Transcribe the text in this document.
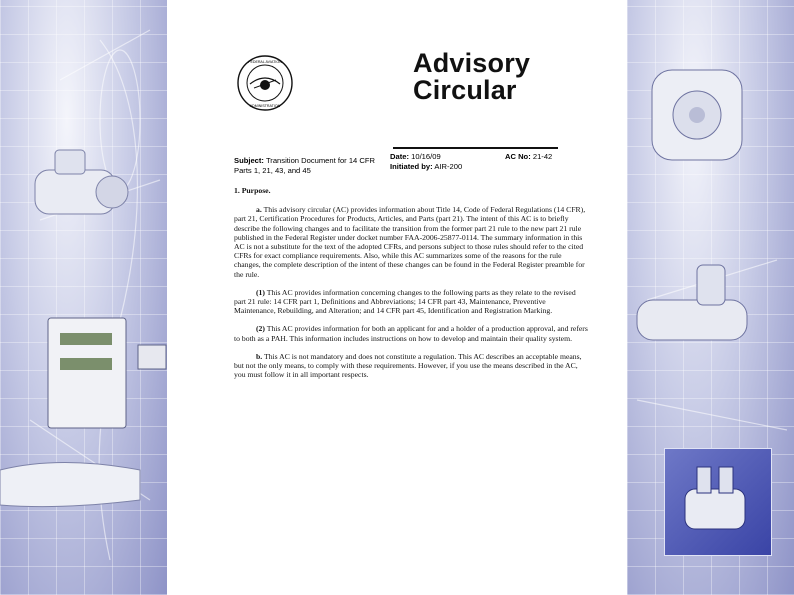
FEDERAL AVIATION
ADMINISTRATION
Advisory
Circular
Subject: Transition Document for 14 CFR Parts 1, 21, 43, and 45
Date: 10/16/09
Initiated by: AIR-200
AC No: 21-42

1. Purpose.

a. This advisory circular (AC) provides information about Title 14, Code of Federal Regulations (14 CFR), part 21, Certification Procedures for Products, Articles, and Parts (part 21). The intent of this AC is to briefly describe the following changes and to facilitate the transition from the former part 21 rule to the new part 21 rule published in the Federal Register under docket number FAA-2006-25877-0114. The summary information in this AC is not a substitute for the text of the adopted CFRs, and persons subject to those rules should refer to the cited CFRs for exact compliance requirements. Also, while this AC summarizes some of the reasons for the rule changes, the complete description of the intent of these changes can be found in the Federal Register preamble for the rule.

(1) This AC provides information concerning changes to the following parts as they relate to the revised part 21 rule: 14 CFR part 1, Definitions and Abbreviations; 14 CFR part 43, Maintenance, Preventive Maintenance, Rebuilding, and Alteration; and 14 CFR part 45, Identification and Registration Marking.

(2) This AC provides information for both an applicant for and a holder of a production approval, and refers to both as a PAH. This information includes instructions on how to develop and maintain their quality system.

b. This AC is not mandatory and does not constitute a regulation. This AC describes an acceptable means, but not the only means, to comply with these requirements. However, if you use the means described in the AC, you must follow it in all important respects.
